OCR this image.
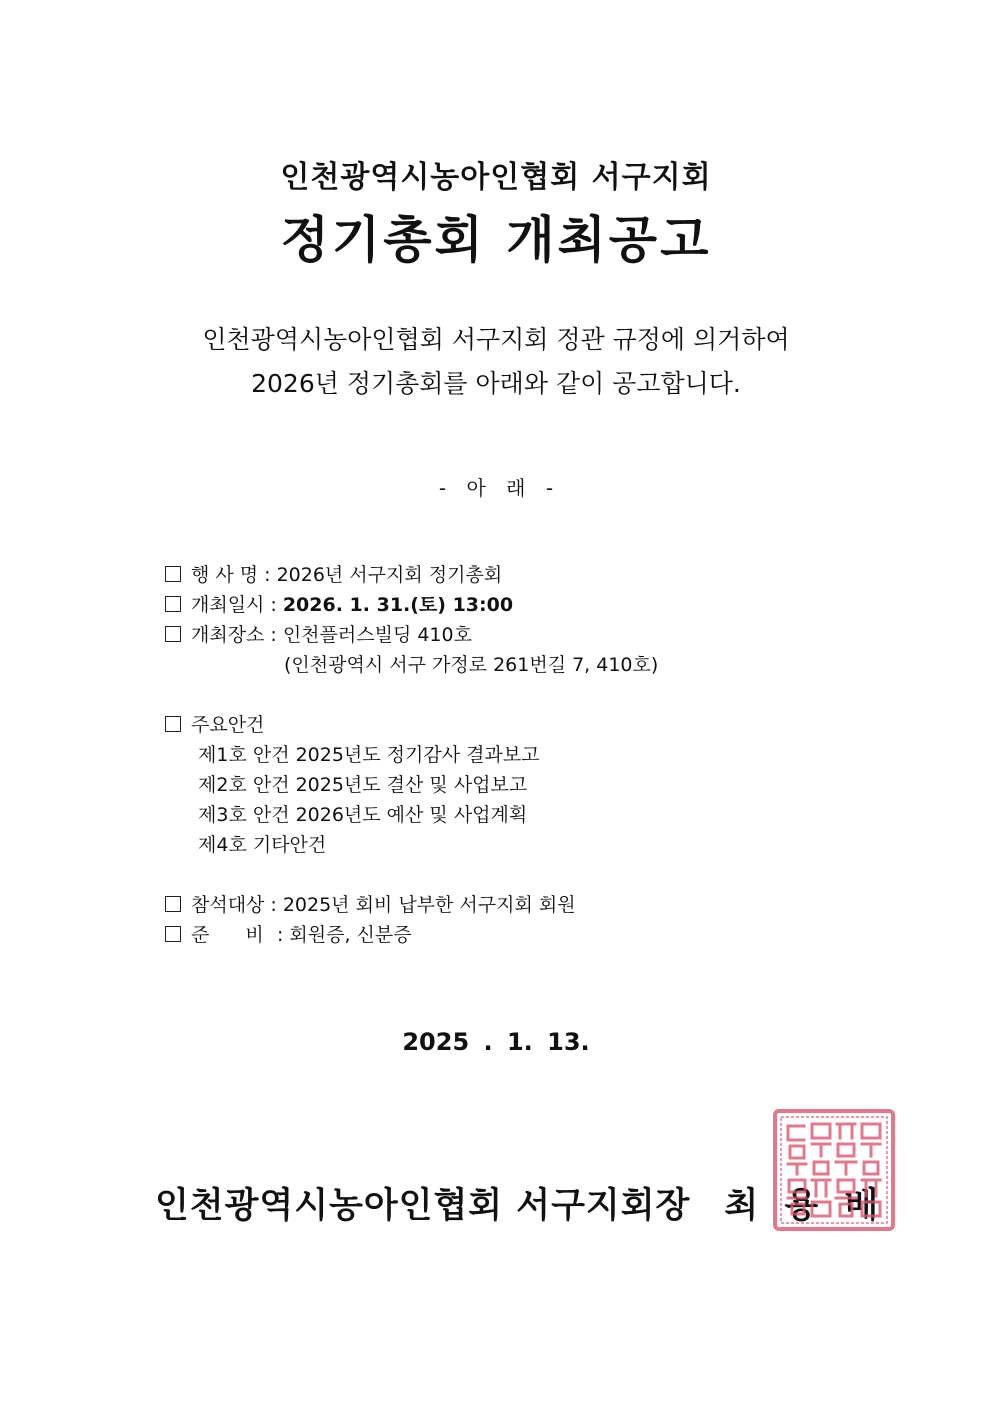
인천광역시농아인협회 서구지회
정기총회 개최공고
인천광역시농아인협회 서구지회 정관 규정에 의거하여
2026년 정기총회를 아래와 같이 공고합니다.
- 아 래 -
행 사 명 : 2026년 서구지회 정기총회
개최일시 : 2026. 1. 31.(토) 13:00
개최장소 : 인천플러스빌딩 410호
(인천광역시 서구 가정로 261번길 7, 410호)
주요안건
제1호 안건 2025년도 정기감사 결과보고
제2호 안건 2025년도 결산 및 사업보고
제3호 안건 2026년도 예산 및 사업계획
제4호 기타안건
참석대상 : 2025년 회비 납부한 서구지회 회원
준 비 : 회원증, 신분증
2025 . 1. 13.
인천광역시농아인협회 서구지회장 최 용 배
